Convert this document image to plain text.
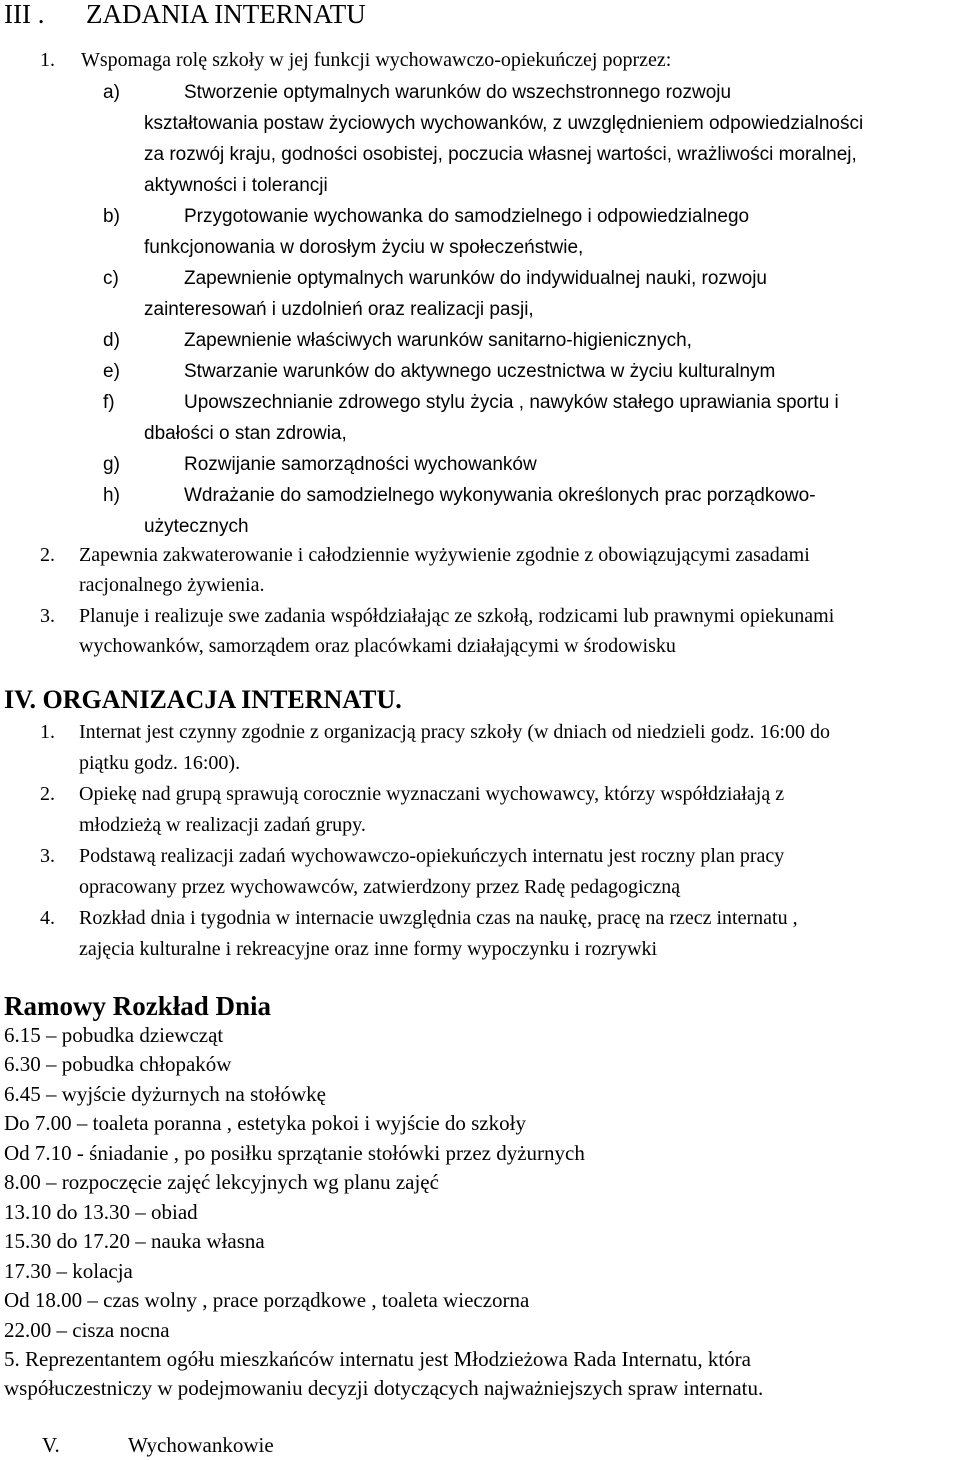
III . ZADANIA INTERNATU
1. Wspomaga rolę szkoły w jej funkcji wychowawczo-opiekuńczej poprzez:
a)	Stworzenie optymalnych warunków do wszechstronnego rozwoju
kształtowania postaw życiowych wychowanków, z uwzględnieniem odpowiedzialności
za rozwój kraju, godności osobistej, poczucia własnej wartości, wrażliwości moralnej,
aktywności i tolerancji
b)	Przygotowanie wychowanka do samodzielnego i odpowiedzialnego
funkcjonowania w dorosłym życiu w społeczeństwie,
c)	Zapewnienie optymalnych warunków do indywidualnej nauki, rozwoju
zainteresowań i uzdolnień oraz realizacji pasji,
d)	Zapewnienie właściwych warunków sanitarno-higienicznych,
e)	Stwarzanie warunków do aktywnego uczestnictwa w życiu kulturalnym
f)	Upowszechnianie zdrowego stylu życia , nawyków stałego uprawiania sportu i
dbałości o stan zdrowia,
g)	Rozwijanie samorządności wychowanków
h)	Wdrażanie do samodzielnego wykonywania określonych prac porządkowo-
użytecznych
2. Zapewnia zakwaterowanie i całodziennie wyżywienie zgodnie z obowiązującymi zasadami
racjonalnego żywienia.
3. Planuje i realizuje swe zadania współdziałając ze szkołą, rodzicami lub prawnymi opiekunami
wychowanków, samorządem oraz placówkami działającymi w środowisku
IV. ORGANIZACJA INTERNATU.
1. Internat jest czynny zgodnie z organizacją pracy szkoły (w dniach od niedzieli godz. 16:00 do
piątku godz. 16:00).
2. Opiekę nad grupą sprawują corocznie wyznaczani wychowawcy, którzy współdziałają z
młodzieżą w realizacji zadań grupy.
3. Podstawą realizacji zadań wychowawczo-opiekuńczych internatu jest roczny plan pracy
opracowany przez wychowawców, zatwierdzony przez Radę pedagogiczną
4. Rozkład dnia i tygodnia w internacie uwzględnia czas na naukę, pracę na rzecz internatu ,
zajęcia kulturalne i rekreacyjne oraz inne formy wypoczynku i rozrywki
Ramowy Rozkład Dnia
6.15 – pobudka dziewcząt
6.30 – pobudka chłopaków
6.45 – wyjście dyżurnych na stołówkę
Do 7.00 – toaleta poranna , estetyka pokoi i wyjście do szkoły
Od 7.10 - śniadanie , po posiłku sprzątanie stołówki przez dyżurnych
8.00 – rozpoczęcie zajęć lekcyjnych wg planu zajęć
13.10 do 13.30 – obiad
15.30 do 17.20 – nauka własna
17.30 – kolacja
Od 18.00 – czas wolny , prace porządkowe , toaleta wieczorna
22.00 – cisza nocna
5. Reprezentantem ogółu mieszkańców internatu jest Młodzieżowa Rada Internatu, która
współuczestniczy w podejmowaniu decyzji dotyczących najważniejszych spraw internatu.
V.	Wychowankowie
